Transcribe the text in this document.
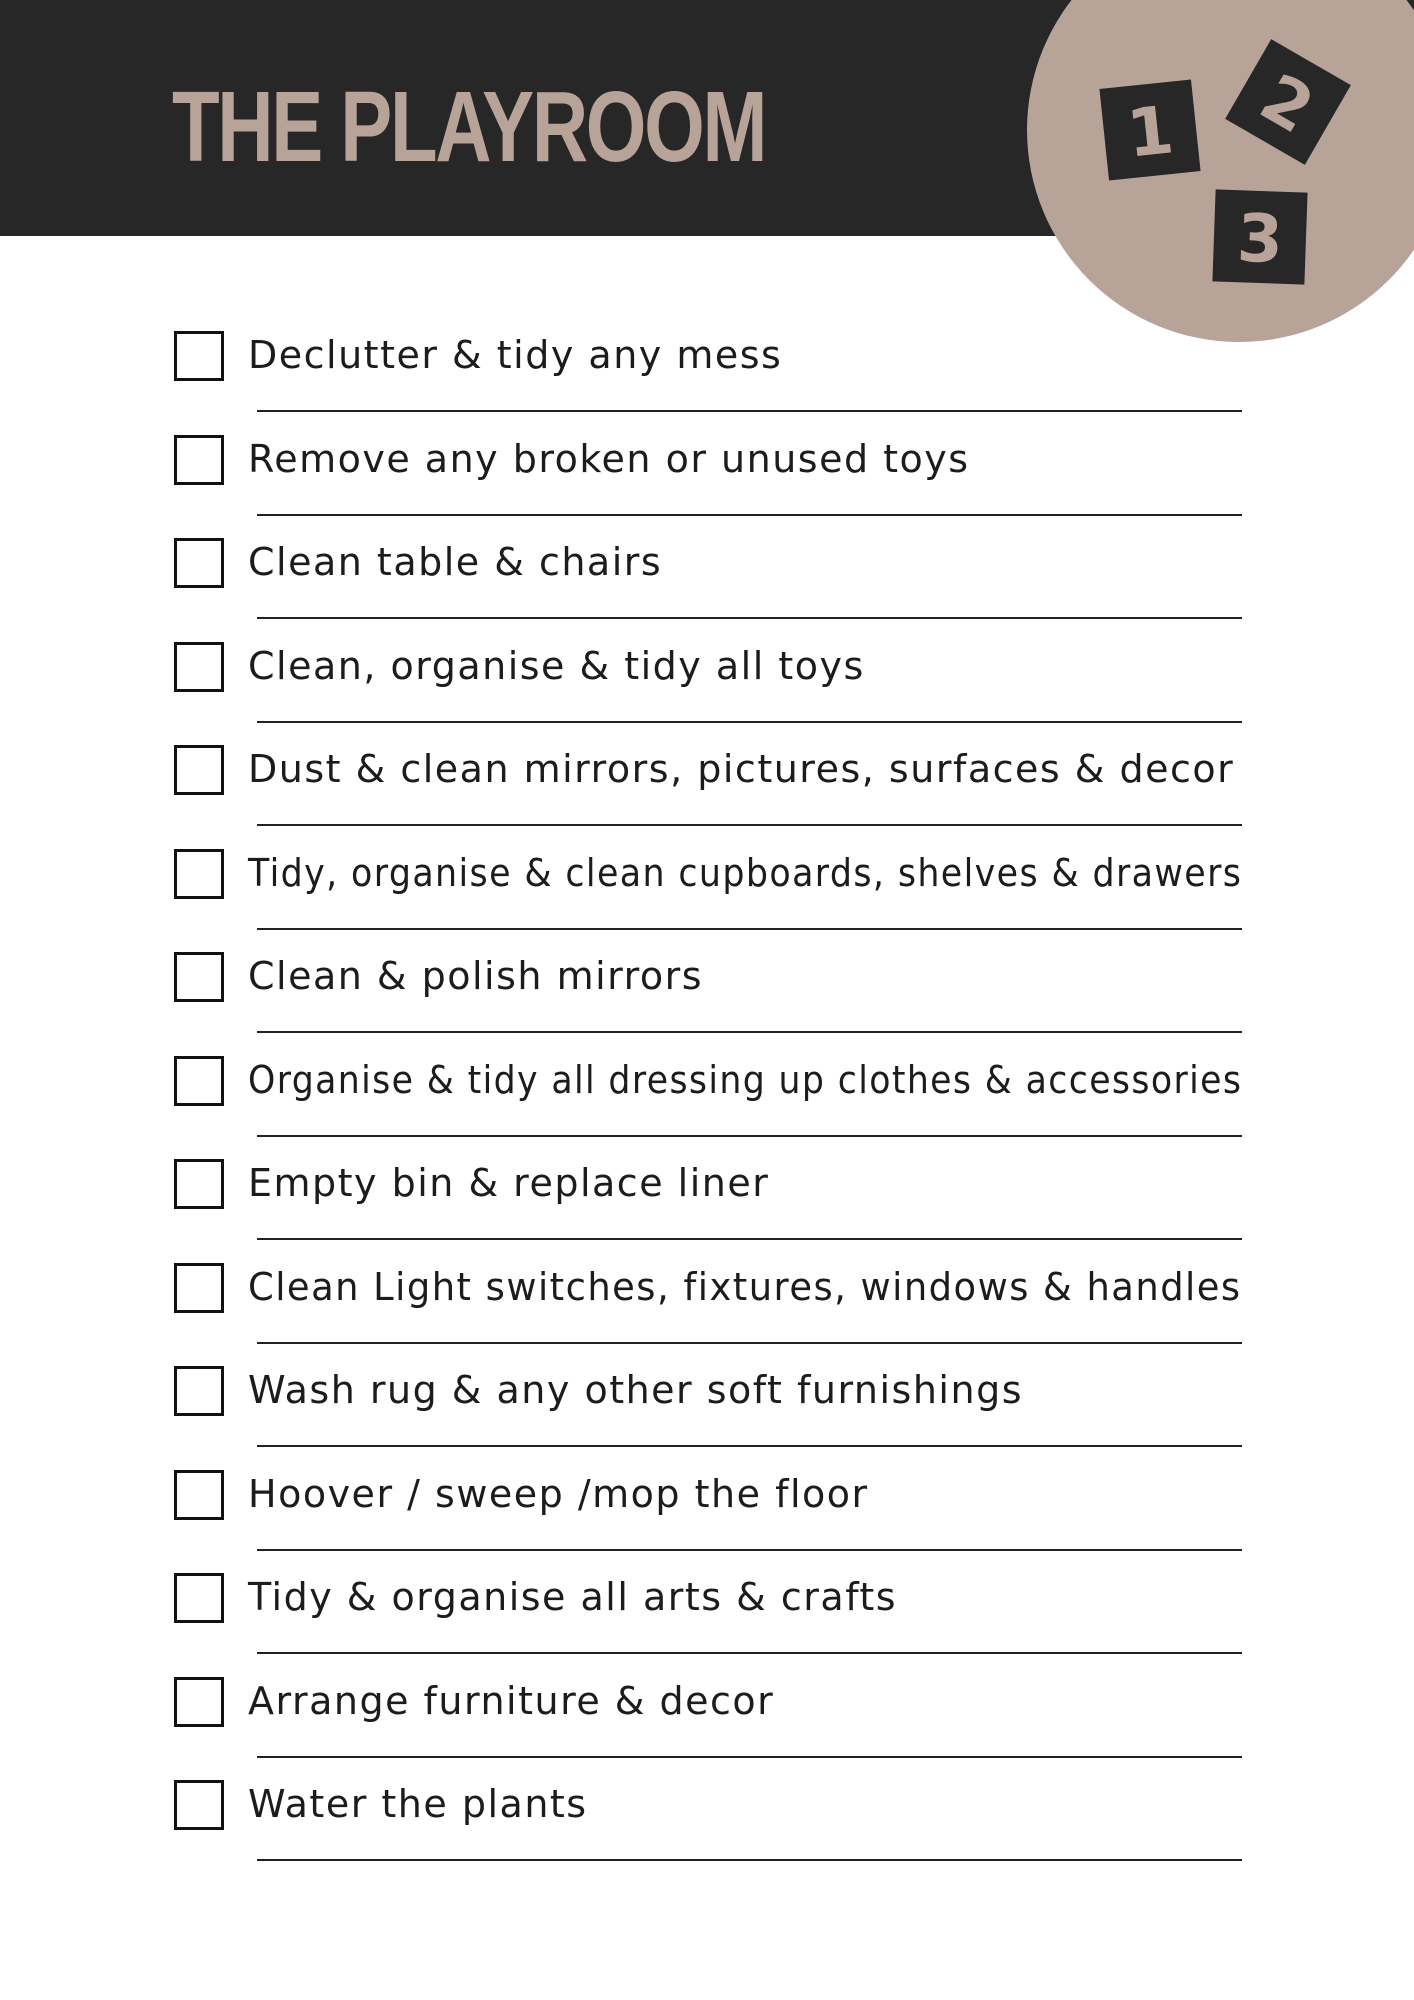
THE PLAYROOM	1 2
3
Declutter & tidy any mess
Remove any broken or unused toys
Clean table & chairs
Clean, organise & tidy all toys
Dust & clean mirrors, pictures, surfaces & decor
Tidy, organise & clean cupboards, shelves & drawers
Clean & polish mirrors
Organise & tidy all dressing up clothes & accessories
Empty bin & replace liner
Clean Light switches, fixtures, windows & handles
Wash rug & any other soft furnishings
Hoover / sweep /mop the floor
Tidy & organise all arts & crafts
Arrange furniture & decor
Water the plants
